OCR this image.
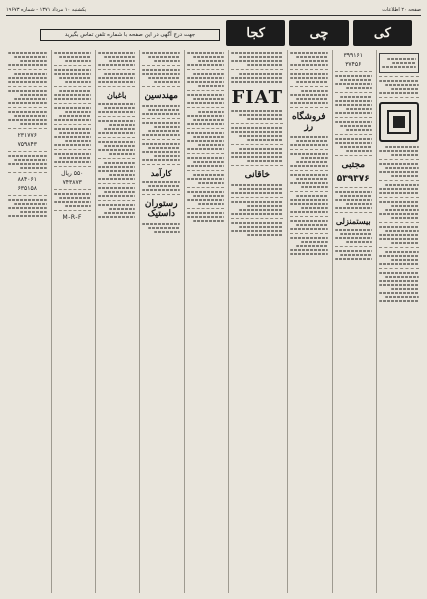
صفحه ۲۰ اطلاعات
یکشنبه ۱۰ مرداد ۱۳۷۱ - شماره ۱۹۶۷۳
کی
چی
کجا
جهت درج آگهی در این صفحه با شماره تلفن تماس بگیرید
۳۹۹۱۶۱
۳۷۴۵۶
مجتبی
۵۳۹۳۷۶
بیستمنزلی
فروشگاه رز
FIAT
خاقانی
مهندسین
کارآمد
رستوران داستیک
باغبان
۵۵۰ ریال
۷۴۳۸۷۳
M-R-F
۲۳۱۷۷۶
۷۵۹۸۴۳
۸۸۴۰۶۱
۶۳۵۱۵۸
